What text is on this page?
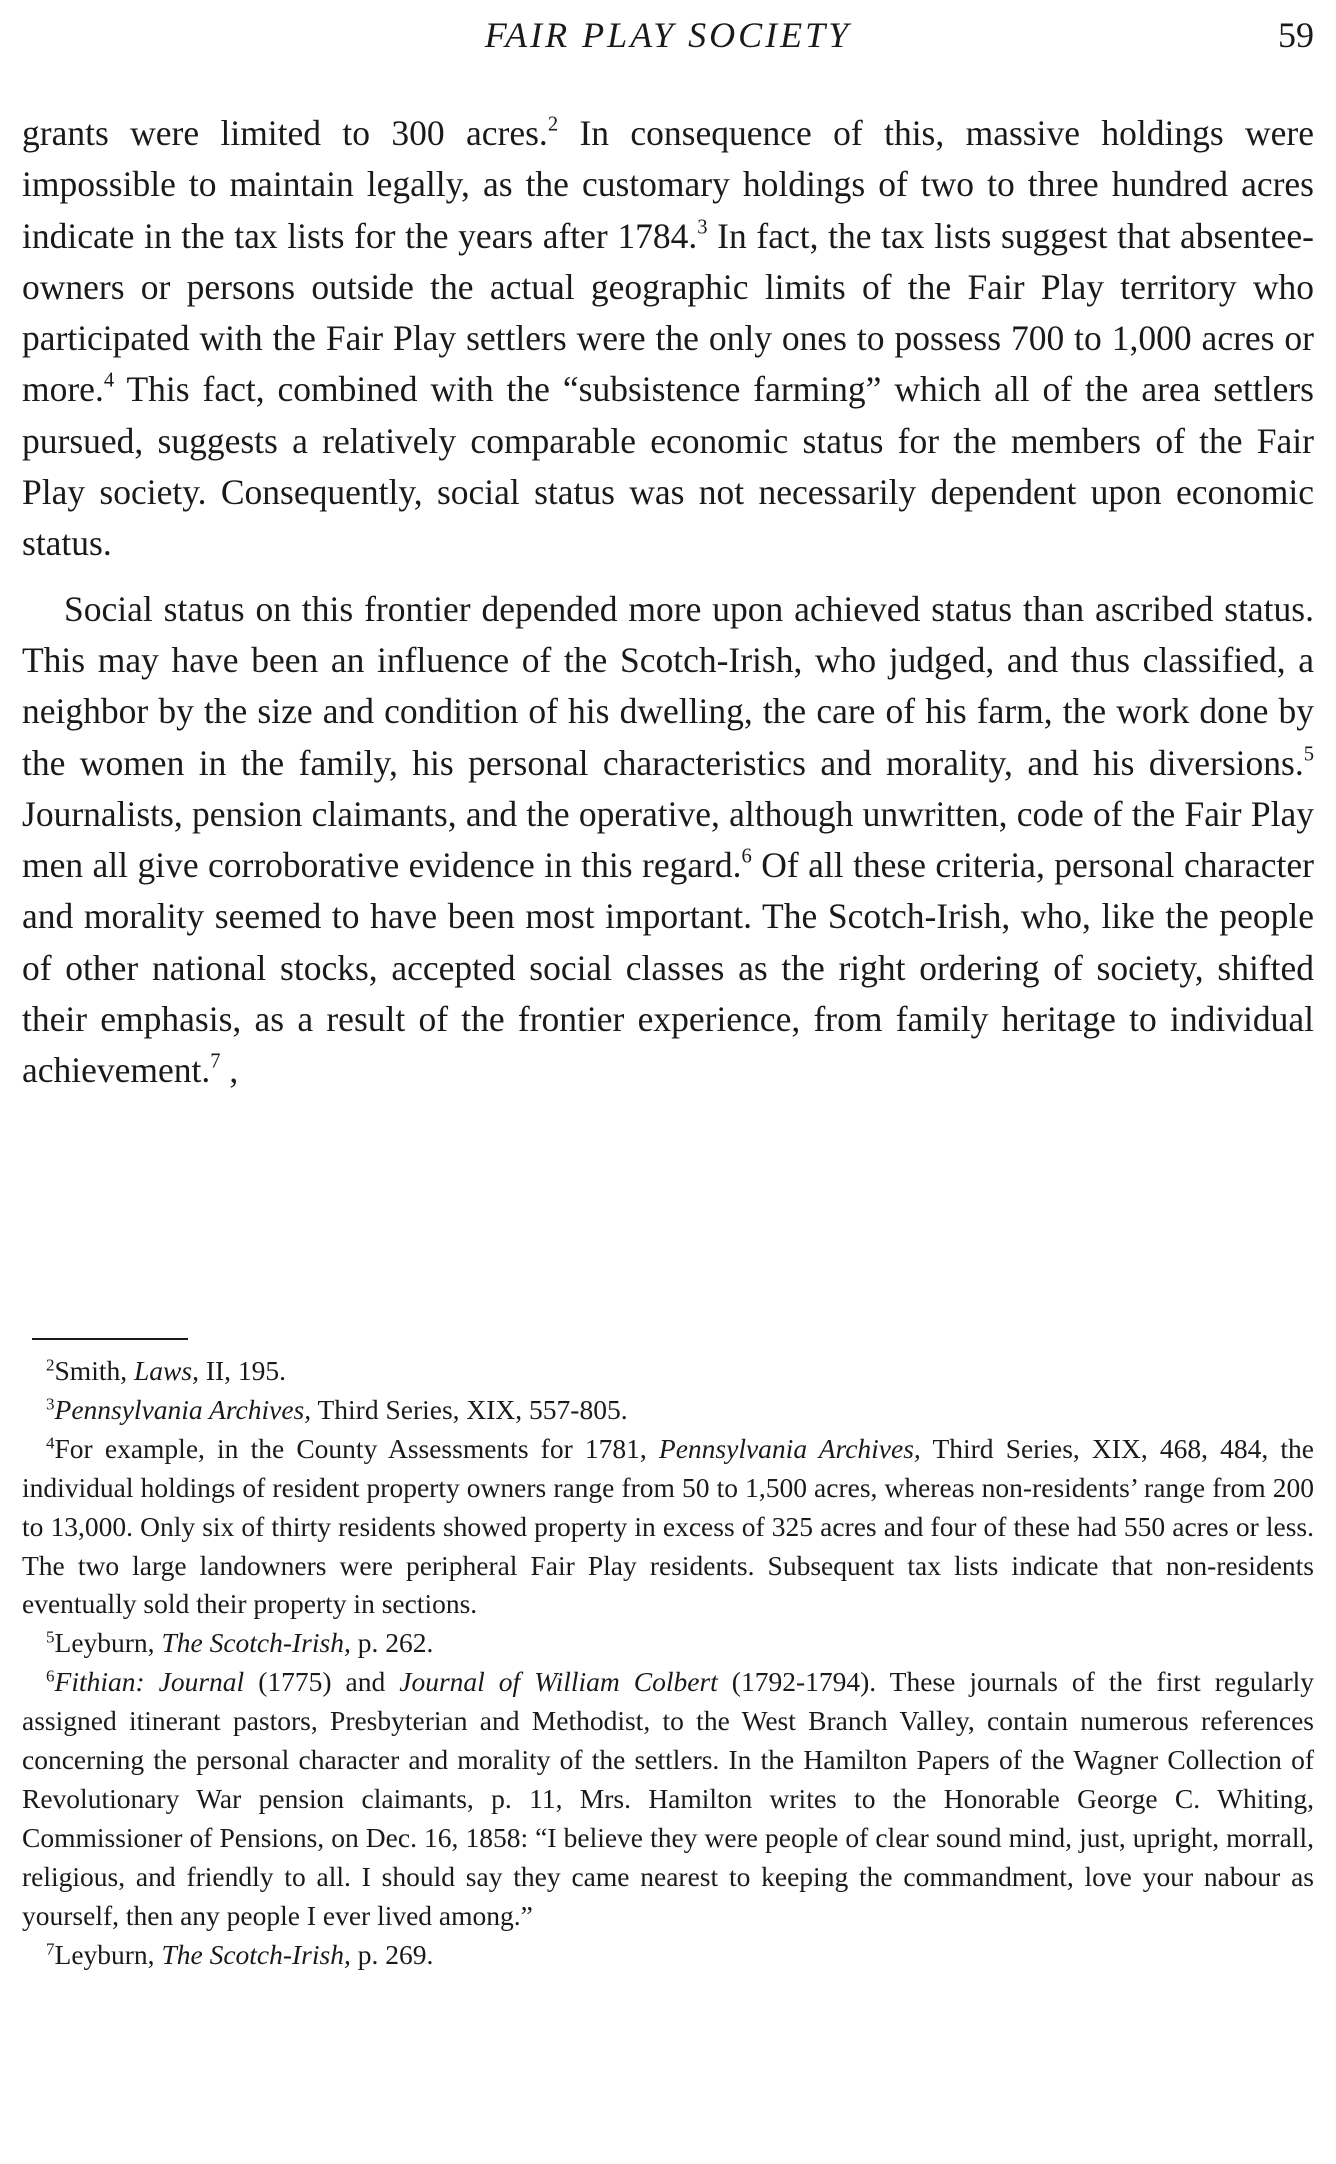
FAIR PLAY SOCIETY	59

grants were limited to 300 acres.$^2$ In consequence of this, massive holdings were impossible to maintain legally, as the customary holdings of two to three hundred acres indicate in the tax lists for the years after 1784.$^3$ In fact, the tax lists suggest that absentee-owners or persons outside the actual geographic limits of the Fair Play territory who participated with the Fair Play settlers were the only ones to possess 700 to 1,000 acres or more.$^4$ This fact, combined with the “subsistence farming” which all of the area settlers pursued, suggests a relatively comparable economic status for the members of the Fair Play society. Consequently, social status was not necessarily dependent upon economic status.

Social status on this frontier depended more upon achieved status than ascribed status. This may have been an influence of the Scotch-Irish, who judged, and thus classified, a neighbor by the size and condition of his dwelling, the care of his farm, the work done by the women in the family, his personal characteristics and morality, and his diversions.$^5$ Journalists, pension claimants, and the operative, although unwritten, code of the Fair Play men all give corroborative evidence in this regard.$^6$ Of all these criteria, personal character and morality seemed to have been most important. The Scotch-Irish, who, like the people of other national stocks, accepted social classes as the right ordering of society, shifted their emphasis, as a result of the frontier experience, from family heritage to individual achievement.$^7$ ,

$^2$Smith, Laws, II, 195.

$^3$Pennsylvania Archives, Third Series, XIX, 557-805.

$^4$For example, in the County Assessments for 1781, Pennsylvania Archives, Third Series, XIX, 468, 484, the individual holdings of resident property owners range from 50 to 1,500 acres, whereas non-residents’ range from 200 to 13,000. Only six of thirty residents showed property in excess of 325 acres and four of these had 550 acres or less. The two large landowners were peripheral Fair Play residents. Subsequent tax lists indicate that non-residents eventually sold their property in sections.

$^5$Leyburn, The Scotch-Irish, p. 262.

$^6$Fithian: Journal (1775) and Journal of William Colbert (1792-1794). These journals of the first regularly assigned itinerant pastors, Presbyterian and Methodist, to the West Branch Valley, contain numerous references concerning the personal character and morality of the settlers. In the Hamilton Papers of the Wagner Collection of Revolutionary War pension claimants, p. 11, Mrs. Hamilton writes to the Honorable George C. Whiting, Commissioner of Pensions, on Dec. 16, 1858: “I believe they were people of clear sound mind, just, upright, morrall, religious, and friendly to all. I should say they came nearest to keeping the commandment, love your nabour as yourself, then any people I ever lived among.”

$^7$Leyburn, The Scotch-Irish, p. 269.
